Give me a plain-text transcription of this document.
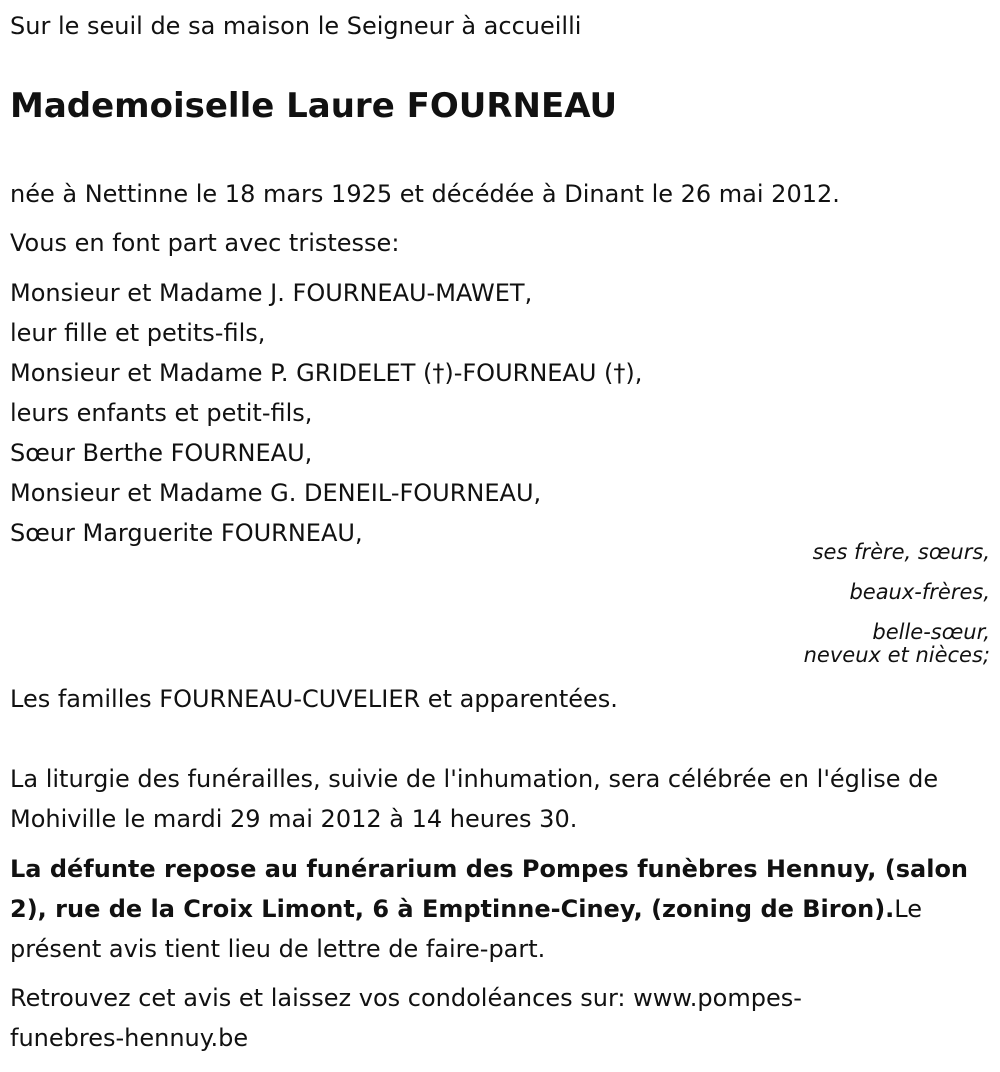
Sur le seuil de sa maison le Seigneur à accueilli
Mademoiselle Laure FOURNEAU
née à Nettinne le 18 mars 1925 et décédée à Dinant le 26 mai 2012.
Vous en font part avec tristesse:
Monsieur et Madame J. FOURNEAU-MAWET,
leur fille et petits-fils,
Monsieur et Madame P. GRIDELET (†)-FOURNEAU (†),
leurs enfants et petit-fils,
Sœur Berthe FOURNEAU,
Monsieur et Madame G. DENEIL-FOURNEAU,
Sœur Marguerite FOURNEAU,
ses frère, sœurs,
beaux-frères,
belle-sœur,
neveux et nièces;
Les familles FOURNEAU-CUVELIER et apparentées.
La liturgie des funérailles, suivie de l'inhumation, sera célébrée en l'église de Mohiville le mardi 29 mai 2012 à 14 heures 30.
La défunte repose au funérarium des Pompes funèbres Hennuy, (salon 2), rue de la Croix Limont, 6 à Emptinne-Ciney, (zoning de Biron).Le présent avis tient lieu de lettre de faire-part.
Retrouvez cet avis et laissez vos condoléances sur: www.pompes-funebres-hennuy.be
